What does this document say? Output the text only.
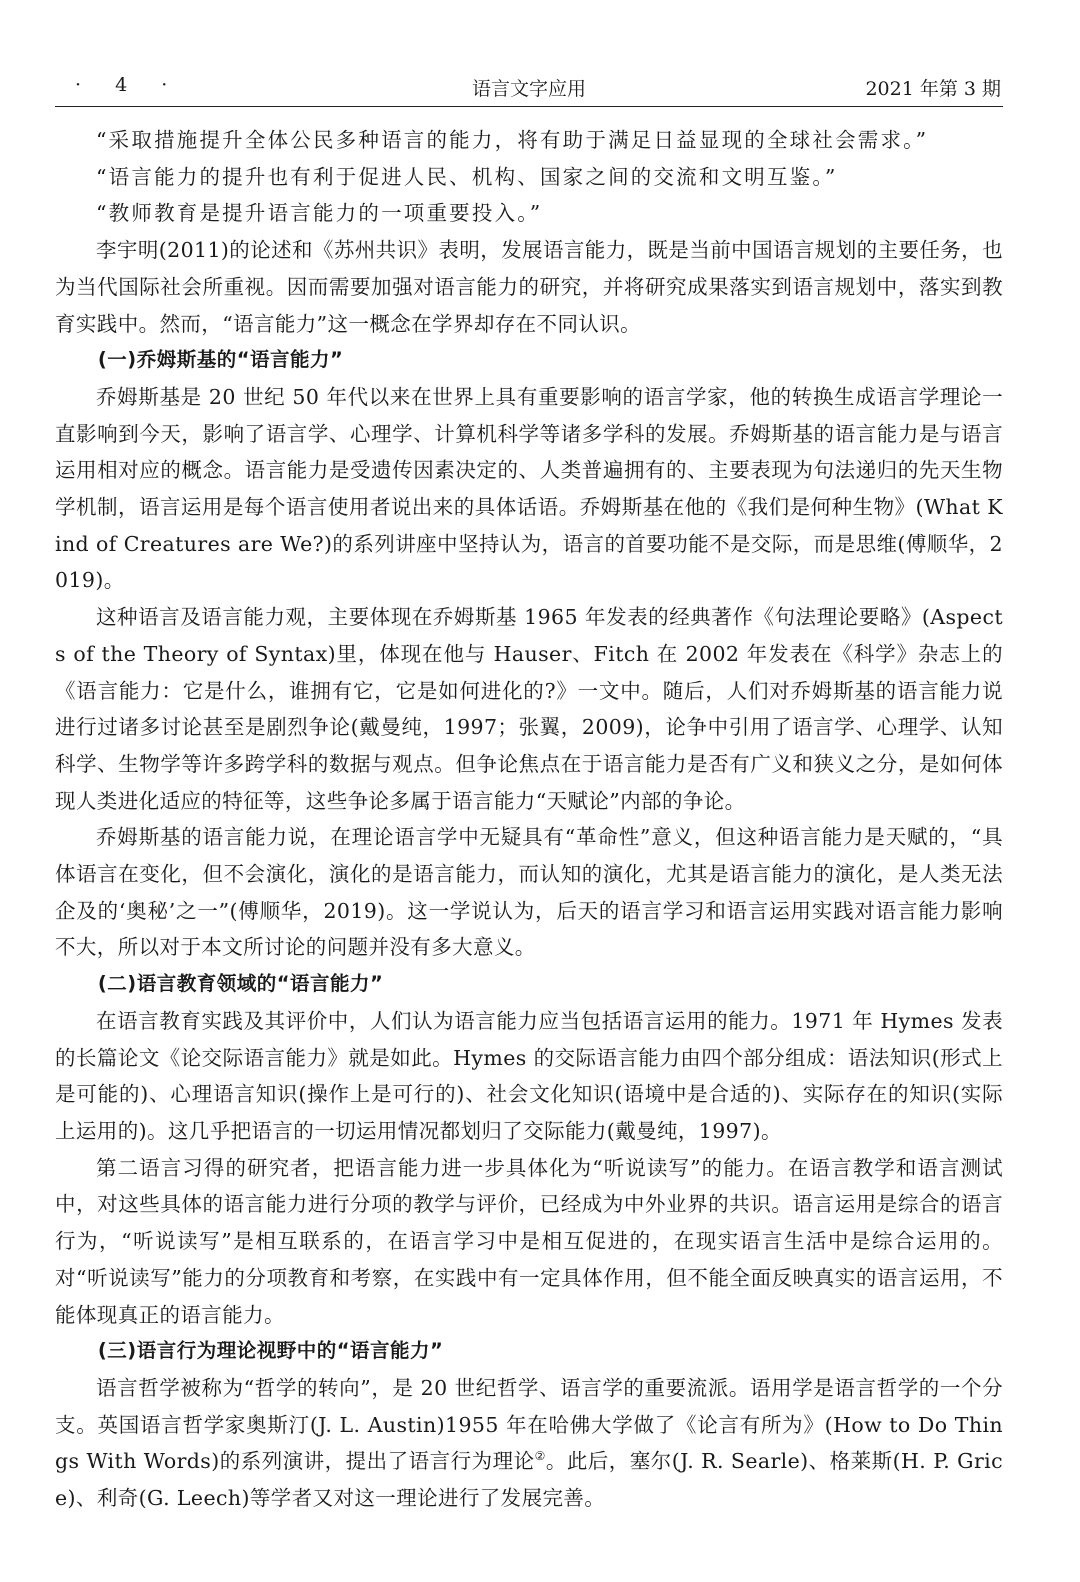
· 4 ·	语言文字应用	2021 年第 3 期

“采取措施提升全体公民多种语言的能力，将有助于满足日益显现的全球社会需求。”

“语言能力的提升也有利于促进人民、机构、国家之间的交流和文明互鉴。”

“教师教育是提升语言能力的一项重要投入。”

李宇明(2011)的论述和《苏州共识》表明，发展语言能力，既是当前中国语言规划的主要任务，也为当代国际社会所重视。因而需要加强对语言能力的研究，并将研究成果落实到语言规划中，落实到教育实践中。然而，“语言能力”这一概念在学界却存在不同认识。

(一)乔姆斯基的“语言能力”

乔姆斯基是 20 世纪 50 年代以来在世界上具有重要影响的语言学家，他的转换生成语言学理论一直影响到今天，影响了语言学、心理学、计算机科学等诸多学科的发展。乔姆斯基的语言能力是与语言运用相对应的概念。语言能力是受遗传因素决定的、人类普遍拥有的、主要表现为句法递归的先天生物学机制，语言运用是每个语言使用者说出来的具体话语。乔姆斯基在他的《我们是何种生物》(What Kind of Creatures are We?)的系列讲座中坚持认为，语言的首要功能不是交际，而是思维(傅顺华，2019)。

这种语言及语言能力观，主要体现在乔姆斯基 1965 年发表的经典著作《句法理论要略》(Aspects of the Theory of Syntax)里，体现在他与 Hauser、Fitch 在 2002 年发表在《科学》杂志上的《语言能力：它是什么，谁拥有它，它是如何进化的?》一文中。随后，人们对乔姆斯基的语言能力说进行过诸多讨论甚至是剧烈争论(戴曼纯，1997；张翼，2009)，论争中引用了语言学、心理学、认知科学、生物学等许多跨学科的数据与观点。但争论焦点在于语言能力是否有广义和狭义之分，是如何体现人类进化适应的特征等，这些争论多属于语言能力“天赋论”内部的争论。

乔姆斯基的语言能力说，在理论语言学中无疑具有“革命性”意义，但这种语言能力是天赋的，“具体语言在变化，但不会演化，演化的是语言能力，而认知的演化，尤其是语言能力的演化，是人类无法企及的‘奥秘’之一”(傅顺华，2019)。这一学说认为，后天的语言学习和语言运用实践对语言能力影响不大，所以对于本文所讨论的问题并没有多大意义。

(二)语言教育领域的“语言能力”

在语言教育实践及其评价中，人们认为语言能力应当包括语言运用的能力。1971 年 Hymes 发表的长篇论文《论交际语言能力》就是如此。Hymes 的交际语言能力由四个部分组成：语法知识(形式上是可能的)、心理语言知识(操作上是可行的)、社会文化知识(语境中是合适的)、实际存在的知识(实际上运用的)。这几乎把语言的一切运用情况都划归了交际能力(戴曼纯，1997)。

第二语言习得的研究者，把语言能力进一步具体化为“听说读写”的能力。在语言教学和语言测试中，对这些具体的语言能力进行分项的教学与评价，已经成为中外业界的共识。语言运用是综合的语言行为，“听说读写”是相互联系的，在语言学习中是相互促进的，在现实语言生活中是综合运用的。对“听说读写”能力的分项教育和考察，在实践中有一定具体作用，但不能全面反映真实的语言运用，不能体现真正的语言能力。

(三)语言行为理论视野中的“语言能力”

语言哲学被称为“哲学的转向”，是 20 世纪哲学、语言学的重要流派。语用学是语言哲学的一个分支。英国语言哲学家奥斯汀(J. L. Austin)1955 年在哈佛大学做了《论言有所为》(How to Do Things With Words)的系列演讲，提出了语言行为理论②。此后，塞尔(J. R. Searle)、格莱斯(H. P. Grice)、利奇(G. Leech)等学者又对这一理论进行了发展完善。
